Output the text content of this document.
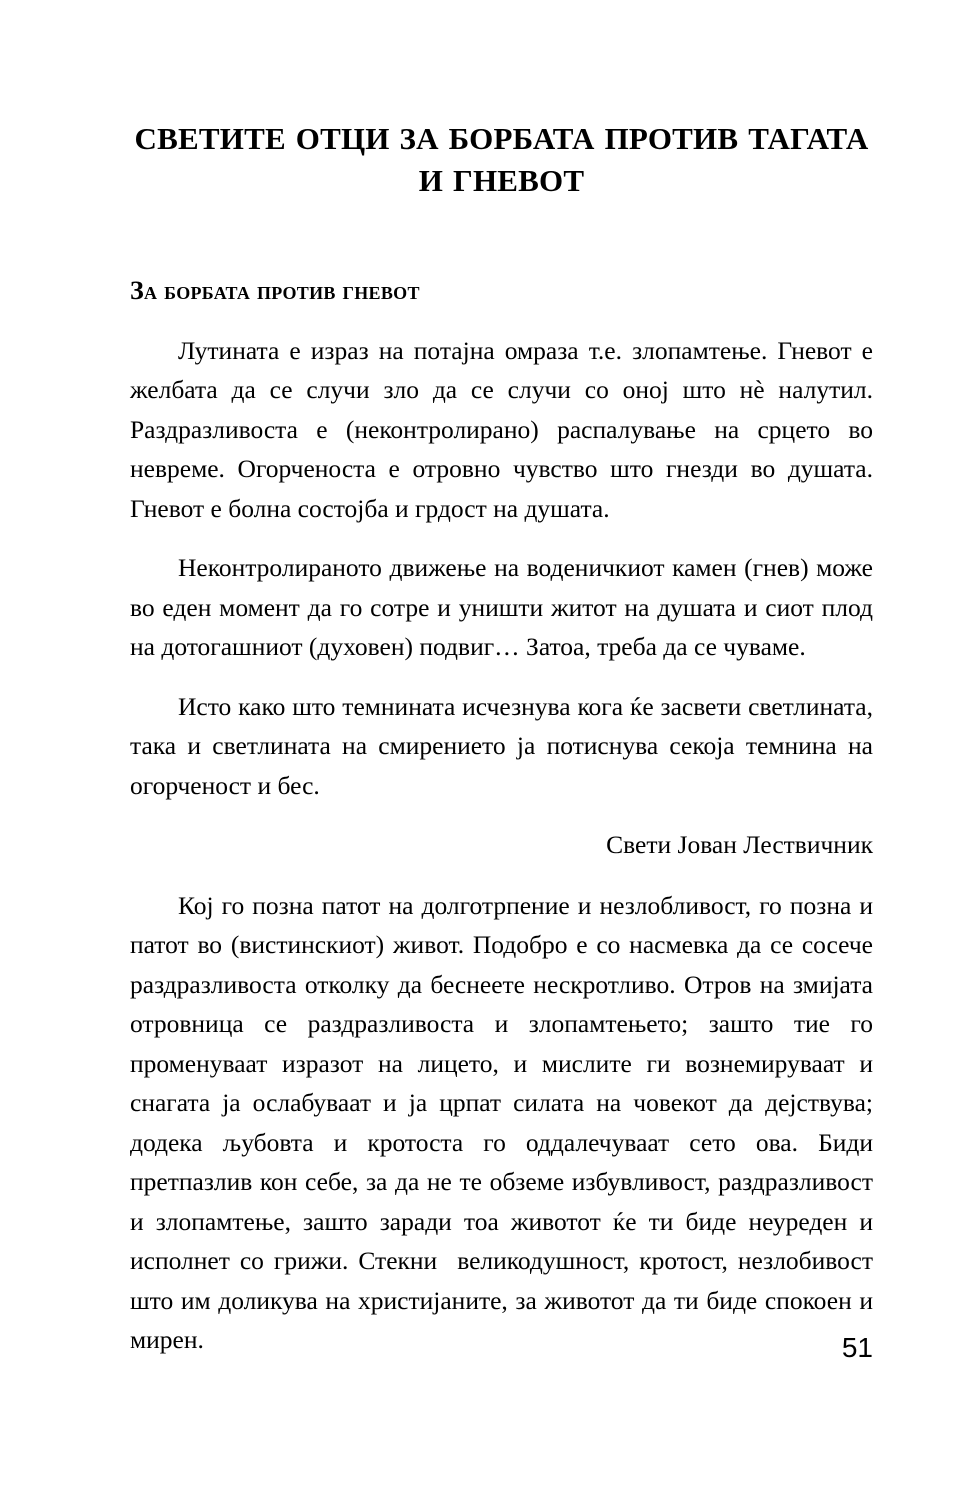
СВЕТИТЕ ОТЦИ ЗА БОРБАТА ПРОТИВ ТАГАТА И ГНЕВОТ
За борбата против гневот

Лутината е израз на потајна омраза т.е. злопамтење. Гневот е желбата да се случи зло да се случи со оној што нѐ налутил. Раздразливоста е (неконтролирано) распалување на срцето во невреме. Огорченоста е отровно чувство што гнезди во душата. Гневот е болна состојба и грдост на душата.

Неконтролираното движење на воденичкиот камен (гнев) може во еден момент да го сотре и уништи житот на душата и сиот плод на дотогашниот (духовен) подвиг… Затоа, треба да се чуваме.

Исто како што темнината исчезнува кога ќе засвети светлината, така и светлината на смирението ја потиснува секоја темнина на огорченост и бес.

Свети Јован Лествичник

Кој го позна патот на долготрпение и незлобливост, го позна и патот во (вистинскиот) живот. Подобро е со насмевка да се сосече раздразливоста отколку да беснеете нескротливо. Отров на змијата отровница се раздразливоста и злопамтењето; зашто тие го променуваат изразот на лицето, и мислите ги вознемируваат и снагата ја ослабуваат и ја црпат силата на човекот да дејствува; додека љубовта и кротоста го оддалечуваат сето ова. Биди претпазлив кон себе, за да не те обземе избувливост, раздразливост и злопамтење, зашто заради тоа животот ќе ти биде неуреден и исполнет со грижи. Стекни великодушност, кротост, незлобивост што им доликува на христијаните, за животот да ти биде спокоен и мирен.	51
